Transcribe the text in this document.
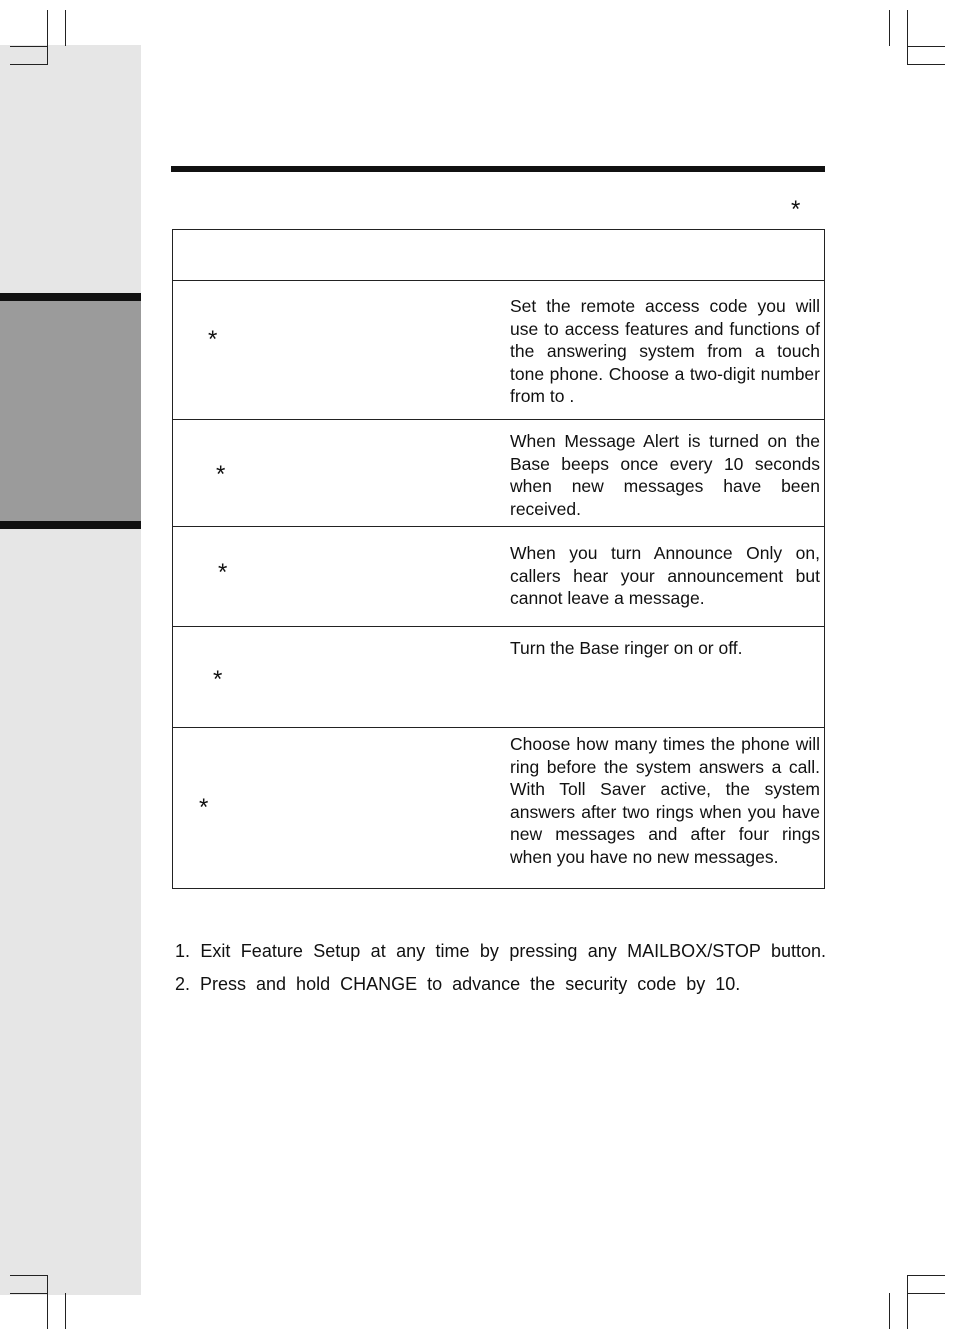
*
*

Set the remote access code you will use to access features and functions of the answering system from a touch tone phone. Choose a two-digit number from to .

*

When Message Alert is turned on the Base beeps once every 10 seconds when new messages have been received.

*

When you turn Announce Only on, callers hear your announcement but cannot leave a message.

*

Turn the Base ringer on or off.

*

Choose how many times the phone will ring before the system answers a call. With Toll Saver active, the system answers after two rings when you have new messages and after four rings when you have no new messages.

1. Exit Feature Setup at any time by pressing any MAILBOX/STOP button.

2. Press and hold CHANGE to advance the security code by 10.
